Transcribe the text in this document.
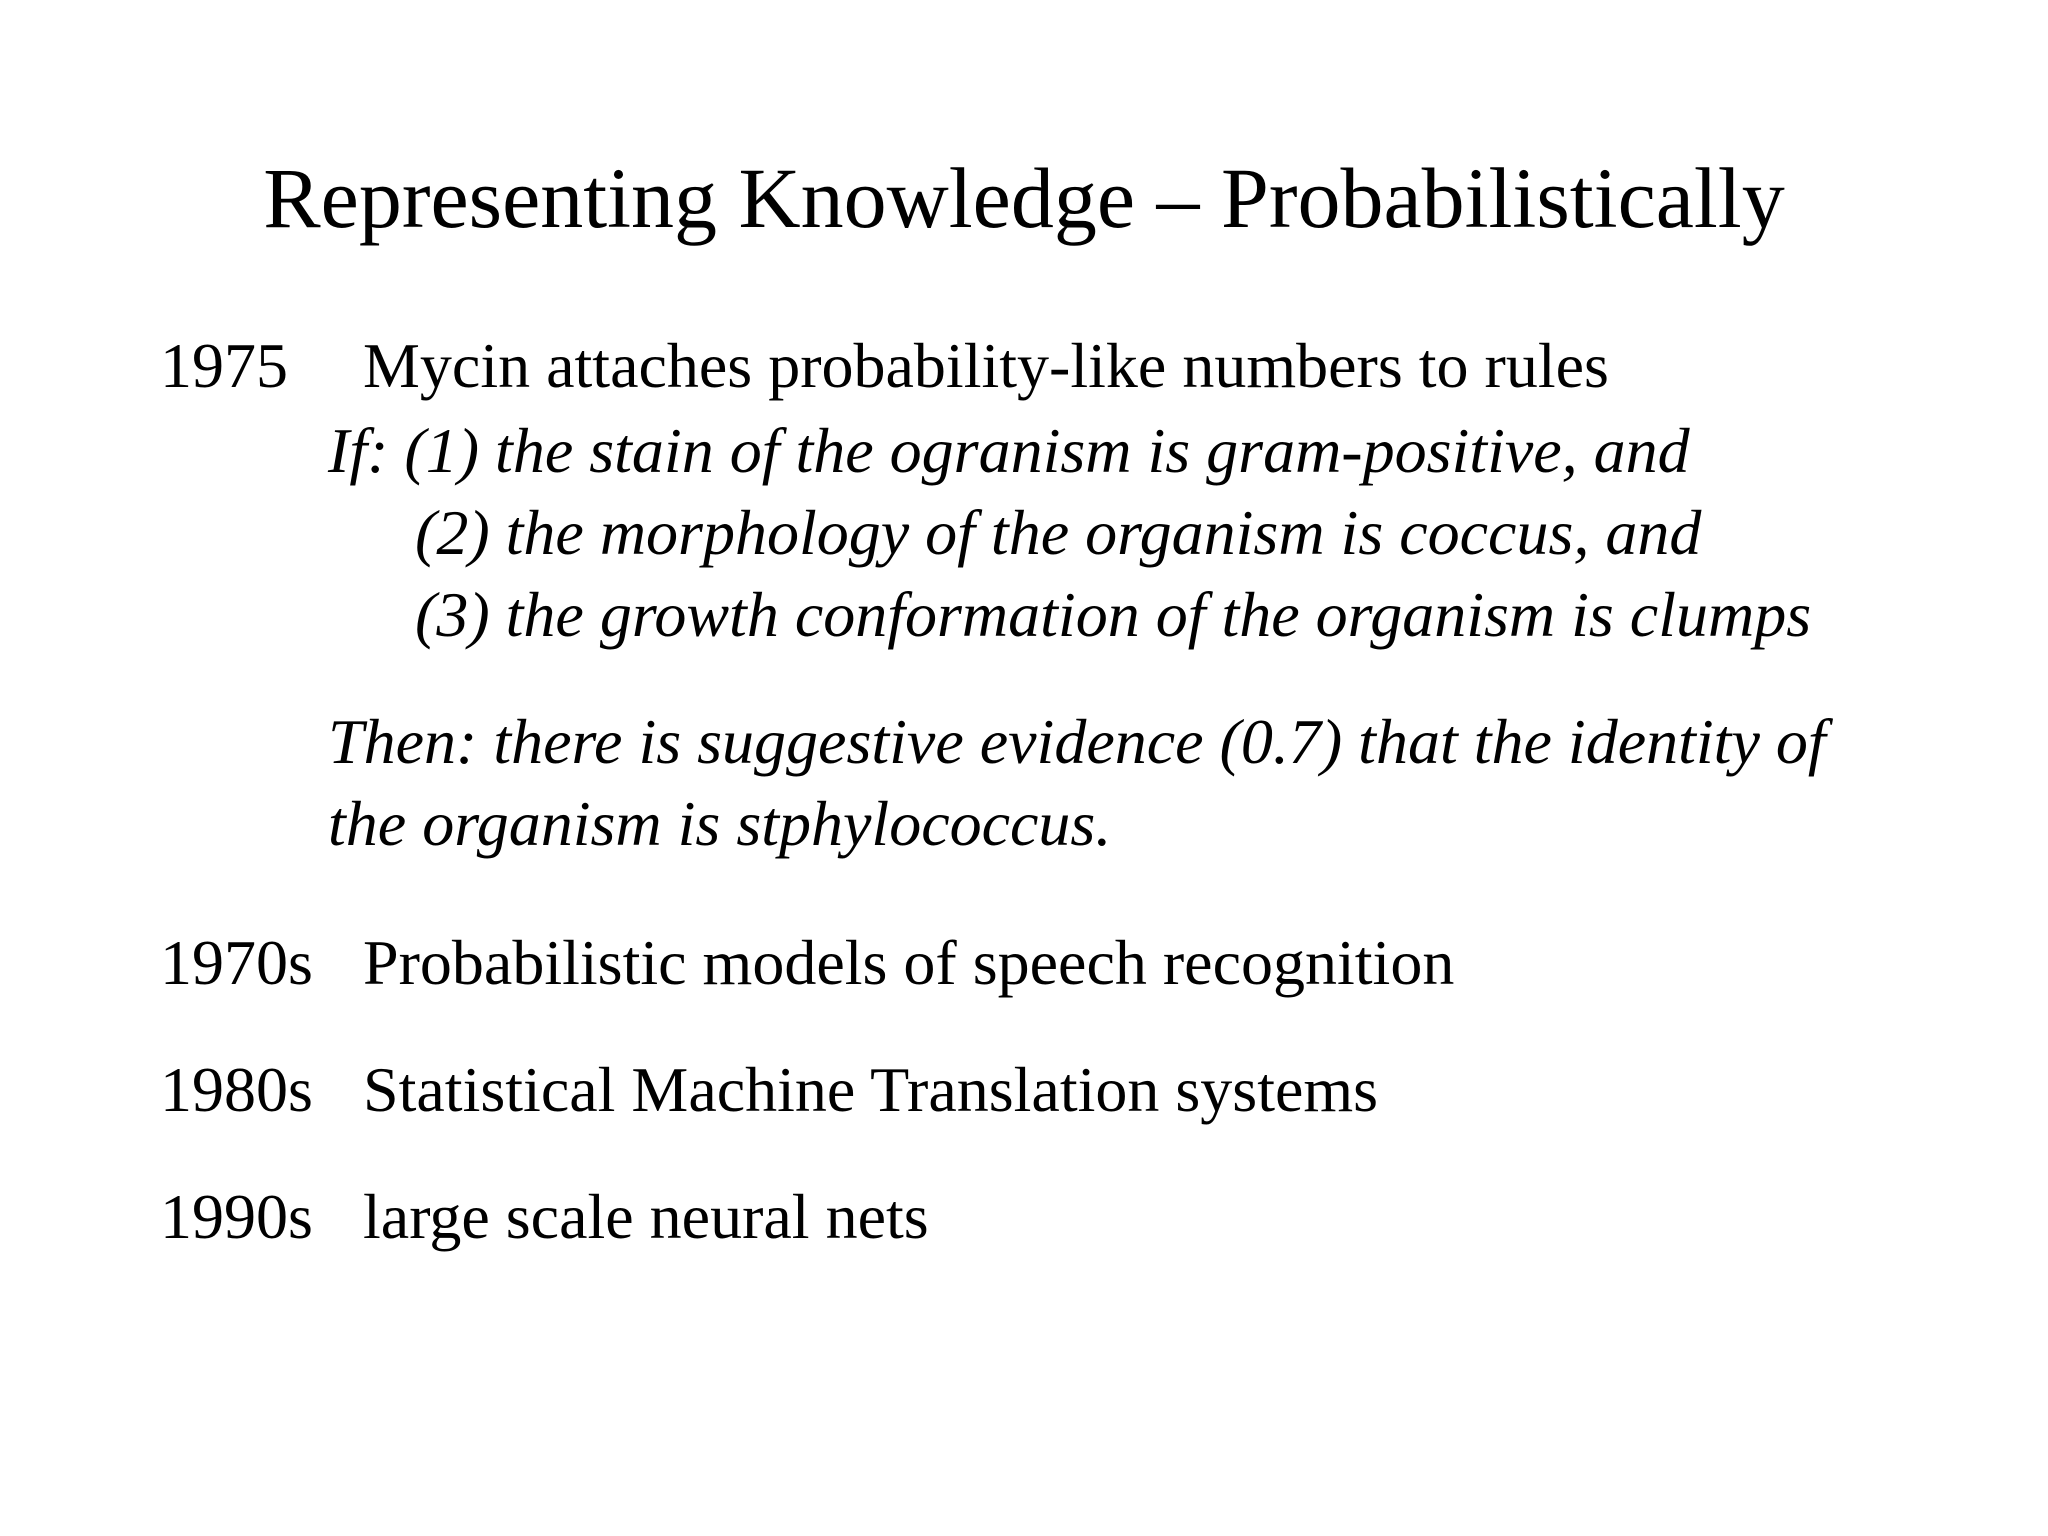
Representing Knowledge – Probabilistically
1975 Mycin attaches probability-like numbers to rules
If: (1) the stain of the ogranism is gram-positive, and
(2) the morphology of the organism is coccus, and
(3) the growth conformation of the organism is clumps
Then: there is suggestive evidence (0.7) that the identity of
the organism is stphylococcus.
1970s Probabilistic models of speech recognition
1980s Statistical Machine Translation systems
1990s large scale neural nets
